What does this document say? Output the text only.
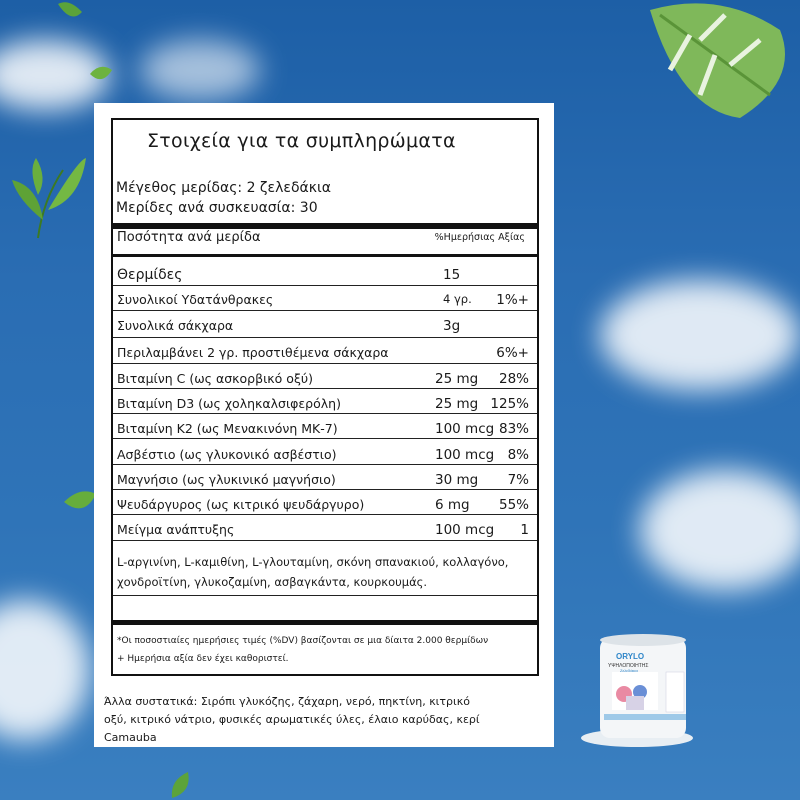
Στοιχεία για τα συμπληρώματα
Μέγεθος μερίδας: 2 ζελεδάκια
Μερίδες ανά συσκευασία: 30
Ποσότητα ανά μερίδα	%Ημερήσιας Αξίας
Θερμίδες	15
Συνολικοί Υδατάνθρακες	4 γρ. 1%+
Συνολικά σάκχαρα	3g
Περιλαμβάνει 2 γρ. προστιθέμενα σάκχαρα	6%+
Βιταμίνη C (ως ασκορβικό οξύ)	25 mg 28%
Βιταμίνη D3 (ως χοληκαλσιφερόλη)	25 mg 125%
Βιταμίνη K2 (ως Μενακινόνη ΜΚ-7)	100 mcg 83%
Ασβέστιο (ως γλυκονικό ασβέστιο)	100 mcg 8%
Μαγνήσιο (ως γλυκινικό μαγνήσιο)	30 mg 7%
Ψευδάργυρος (ως κιτρικό ψευδάργυρο)	6 mg 55%
Μείγμα ανάπτυξης	100 mcg 1
L-αργινίνη, L-καμιθίνη, L-γλουταμίνη, σκόνη σπανακιού, κολλαγόνο, χονδροϊτίνη, γλυκοζαμίνη, ασβαγκάντα, κουρκουμάς.
*Οι ποσοστιαίες ημερήσιες τιμές (%DV) βασίζονται σε μια δίαιτα 2.000 θερμίδων
+ Ημερήσια αξία δεν έχει καθοριστεί.
Άλλα συστατικά: Σιρόπι γλυκόζης, ζάχαρη, νερό, πηκτίνη, κιτρικό οξύ, κιτρικό νάτριο, φυσικές αρωματικές ύλες, έλαιο καρύδας, κερί Camauba
ORYLO
ΥΨΗΛΟΠΟΙΗΤΗΣ
Ζελεδάκια
